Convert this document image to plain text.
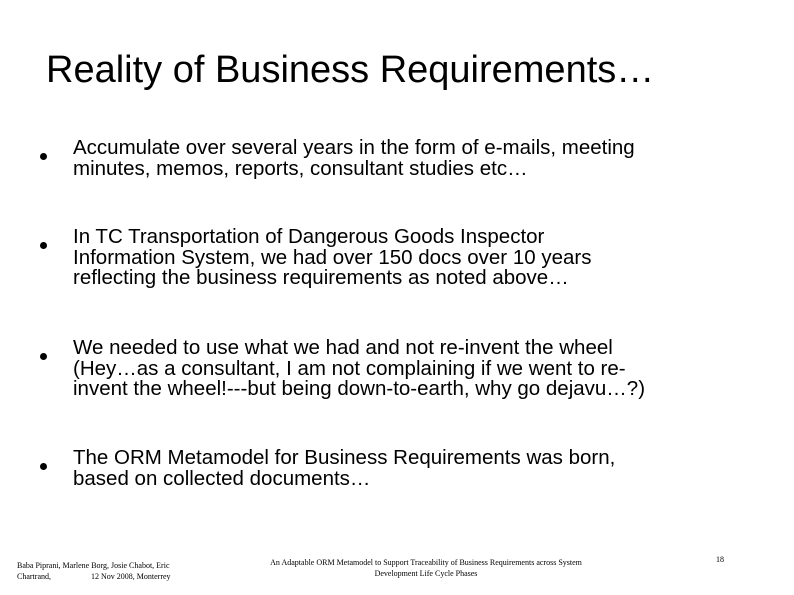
Reality of Business Requirements…
Accumulate over several years in the form of e-mails, meeting
minutes, memos, reports, consultant studies etc…
In TC Transportation of Dangerous Goods Inspector
Information System, we had over 150 docs over 10 years
reflecting the business requirements as noted above…
We needed to use what we had and not re-invent the wheel
(Hey…as a consultant, I am not complaining if we went to re-
invent the wheel!---but being down-to-earth, why go dejavu…?)
The ORM Metamodel for Business Requirements was born,
based on collected documents…
Baba Piprani, Marlene Borg, Josie Chabot, Eric
Chartrand,	12 Nov 2008, Monterrey
An Adaptable ORM Metamodel to Support Traceability of Business Requirements across System
Development Life Cycle Phases
18
